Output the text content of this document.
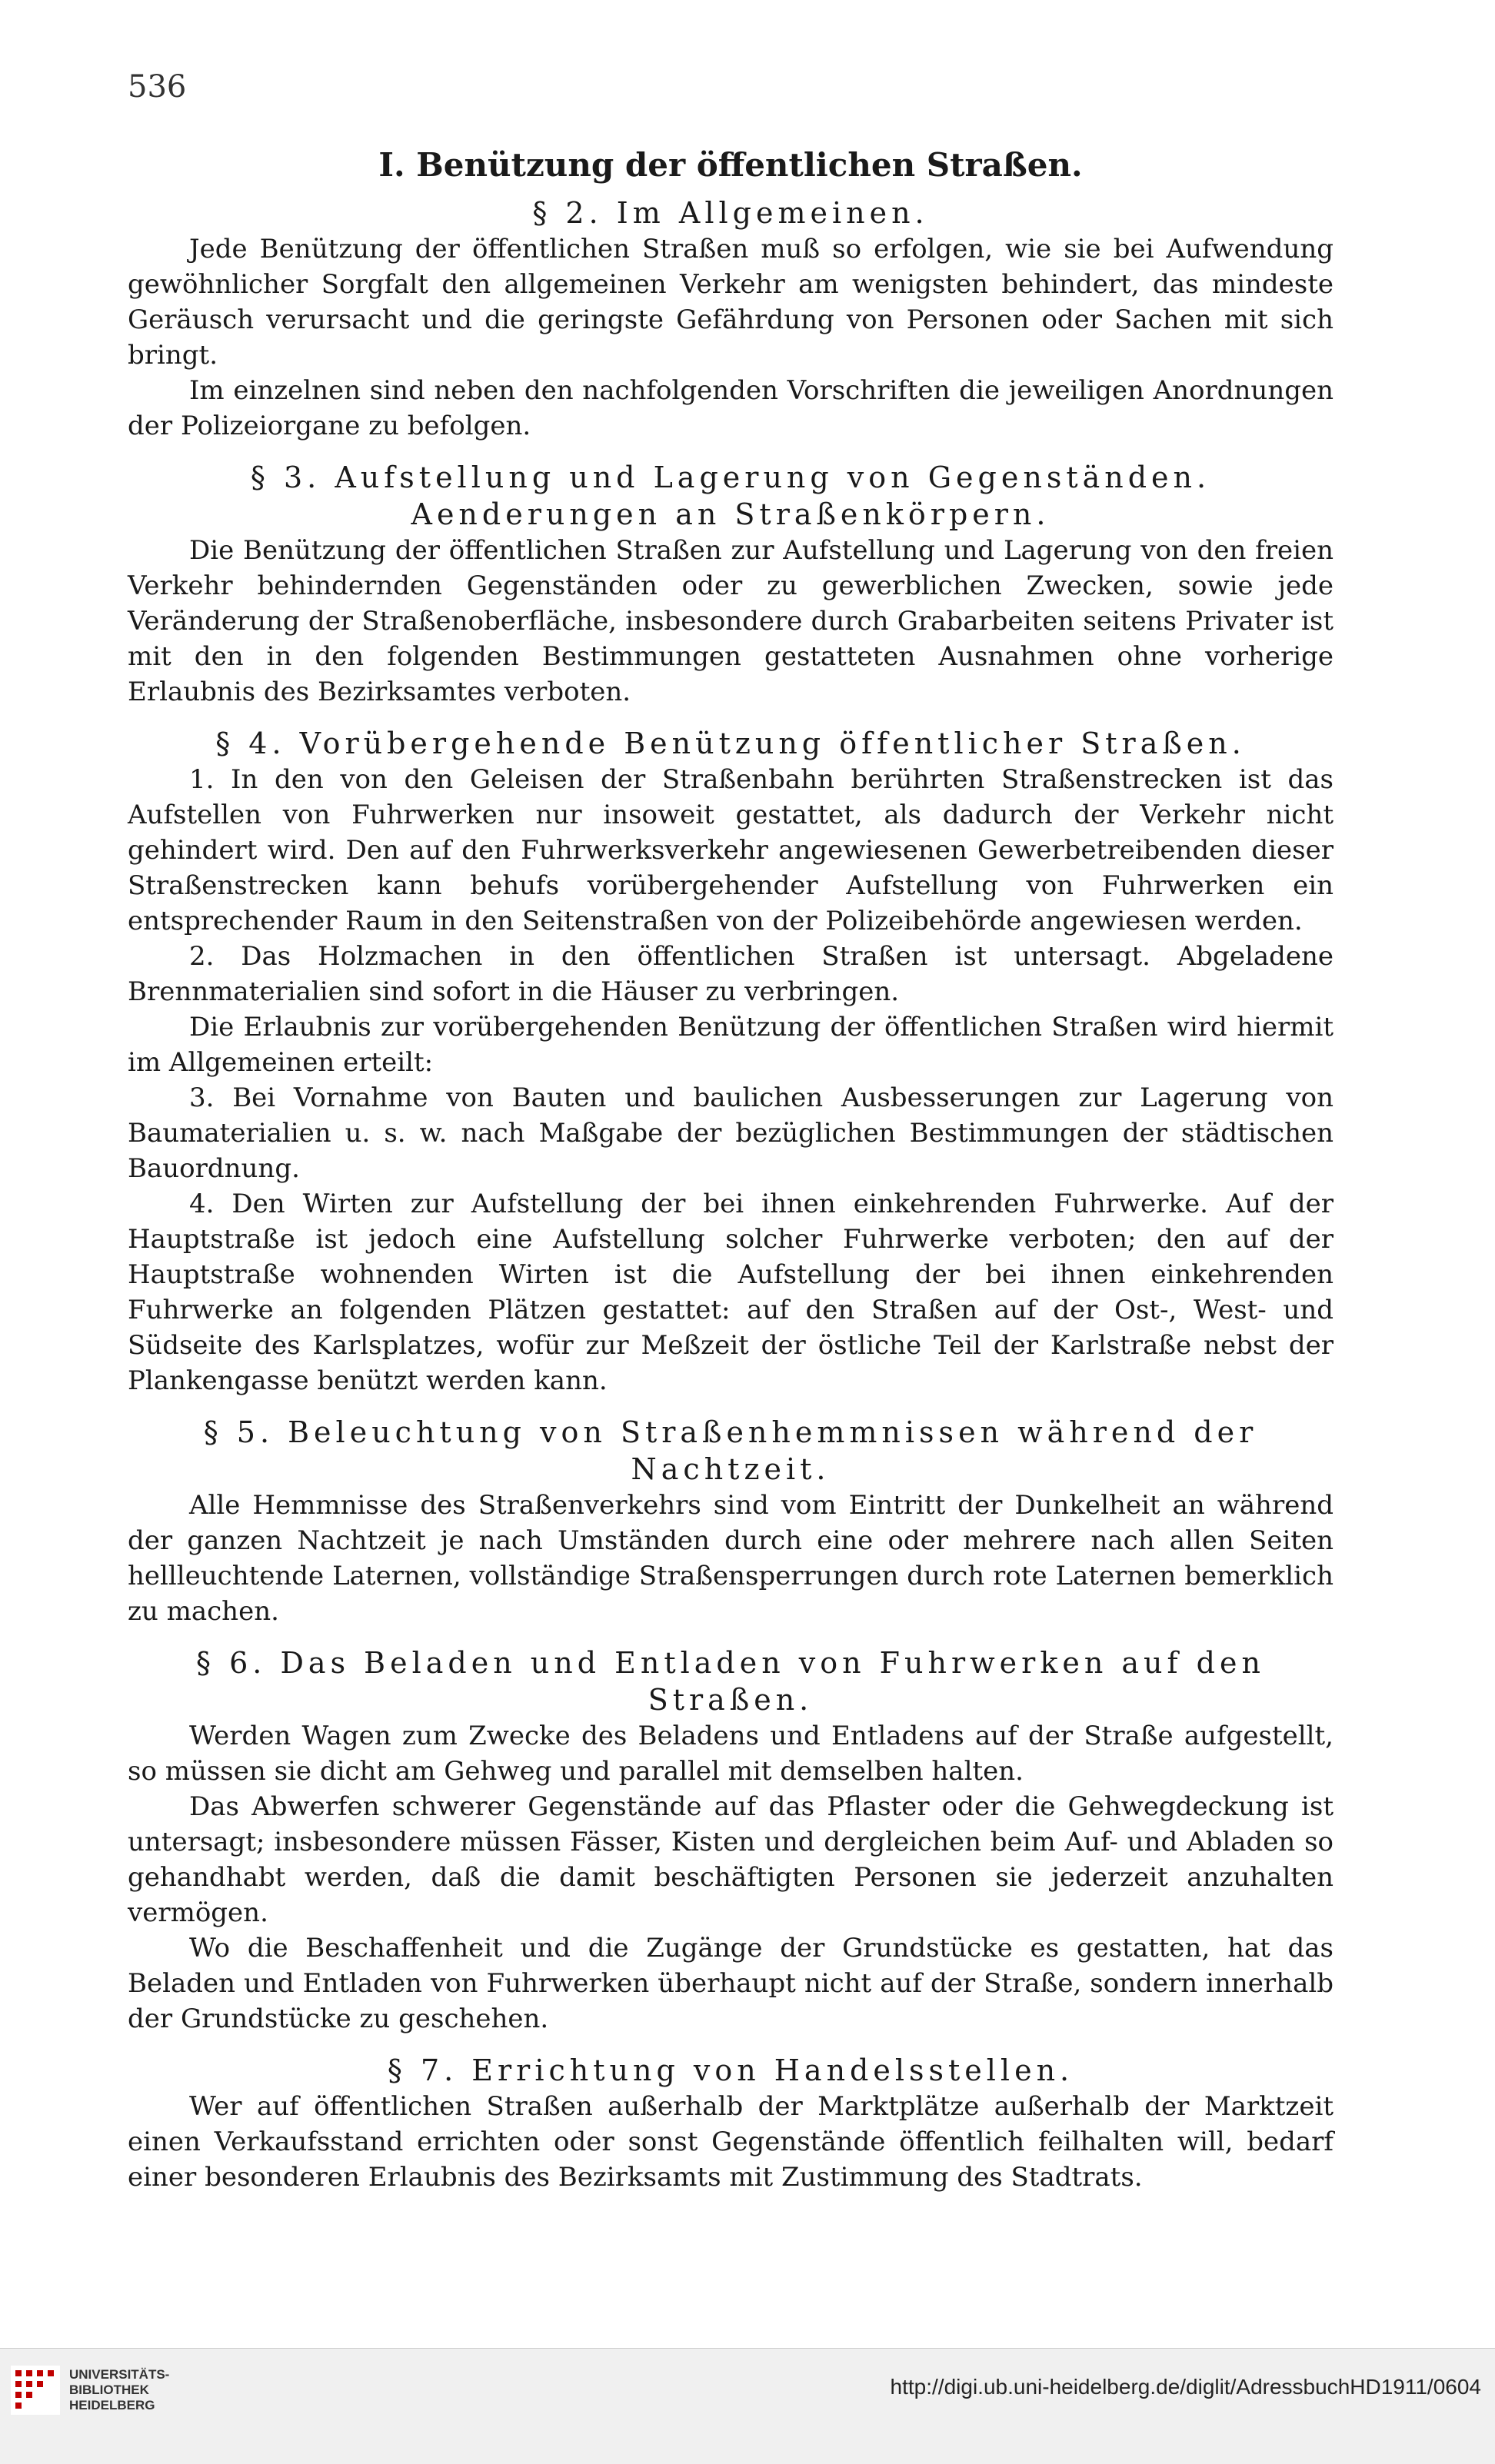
536
I. Benützung der öffentlichen Straßen.

§ 2. Im Allgemeinen.

Jede Benützung der öffentlichen Straßen muß so erfolgen, wie sie bei Aufwendung gewöhnlicher Sorgfalt den allgemeinen Verkehr am wenigsten behindert, das mindeste Geräusch verursacht und die geringste Gefährdung von Personen oder Sachen mit sich bringt.

Im einzelnen sind neben den nachfolgenden Vorschriften die jeweiligen Anordnungen der Polizeiorgane zu befolgen.

§ 3. Aufstellung und Lagerung von Gegenständen. Aenderungen an Straßenkörpern.

Die Benützung der öffentlichen Straßen zur Aufstellung und Lagerung von den freien Verkehr behindernden Gegenständen oder zu gewerblichen Zwecken, sowie jede Veränderung der Straßenoberfläche, insbesondere durch Grabarbeiten seitens Privater ist mit den in den folgenden Bestimmungen gestatteten Ausnahmen ohne vorherige Erlaubnis des Bezirksamtes verboten.

§ 4. Vorübergehende Benützung öffentlicher Straßen.

1. In den von den Geleisen der Straßenbahn berührten Straßenstrecken ist das Aufstellen von Fuhrwerken nur insoweit gestattet, als dadurch der Verkehr nicht gehindert wird. Den auf den Fuhrwerksverkehr angewiesenen Gewerbetreibenden dieser Straßenstrecken kann behufs vorübergehender Aufstellung von Fuhrwerken ein entsprechender Raum in den Seitenstraßen von der Polizeibehörde angewiesen werden.

2. Das Holzmachen in den öffentlichen Straßen ist untersagt. Abgeladene Brennmaterialien sind sofort in die Häuser zu verbringen.

Die Erlaubnis zur vorübergehenden Benützung der öffentlichen Straßen wird hiermit im Allgemeinen erteilt:

3. Bei Vornahme von Bauten und baulichen Ausbesserungen zur Lagerung von Baumaterialien u. s. w. nach Maßgabe der bezüglichen Bestimmungen der städtischen Bauordnung.

4. Den Wirten zur Aufstellung der bei ihnen einkehrenden Fuhrwerke. Auf der Hauptstraße ist jedoch eine Aufstellung solcher Fuhrwerke verboten; den auf der Hauptstraße wohnenden Wirten ist die Aufstellung der bei ihnen einkehrenden Fuhrwerke an folgenden Plätzen gestattet: auf den Straßen auf der Ost-, West- und Südseite des Karlsplatzes, wofür zur Meßzeit der östliche Teil der Karlstraße nebst der Plankengasse benützt werden kann.

§ 5. Beleuchtung von Straßenhemmnissen während der Nachtzeit.

Alle Hemmnisse des Straßenverkehrs sind vom Eintritt der Dunkelheit an während der ganzen Nachtzeit je nach Umständen durch eine oder mehrere nach allen Seiten hellleuchtende Laternen, vollständige Straßensperrungen durch rote Laternen bemerklich zu machen.

§ 6. Das Beladen und Entladen von Fuhrwerken auf den Straßen.

Werden Wagen zum Zwecke des Beladens und Entladens auf der Straße aufgestellt, so müssen sie dicht am Gehweg und parallel mit demselben halten.

Das Abwerfen schwerer Gegenstände auf das Pflaster oder die Gehwegdeckung ist untersagt; insbesondere müssen Fässer, Kisten und dergleichen beim Auf- und Abladen so gehandhabt werden, daß die damit beschäftigten Personen sie jederzeit anzuhalten vermögen.

Wo die Beschaffenheit und die Zugänge der Grundstücke es gestatten, hat das Beladen und Entladen von Fuhrwerken überhaupt nicht auf der Straße, sondern innerhalb der Grundstücke zu geschehen.

§ 7. Errichtung von Handelsstellen.

Wer auf öffentlichen Straßen außerhalb der Marktplätze außerhalb der Marktzeit einen Verkaufsstand errichten oder sonst Gegenstände öffentlich feilhalten will, bedarf einer besonderen Erlaubnis des Bezirksamts mit Zustimmung des Stadtrats.

UNIVERSITÄTS-
BIBLIOTHEK
HEIDELBERG
http://digi.ub.uni-heidelberg.de/diglit/AdressbuchHD1911/0604
